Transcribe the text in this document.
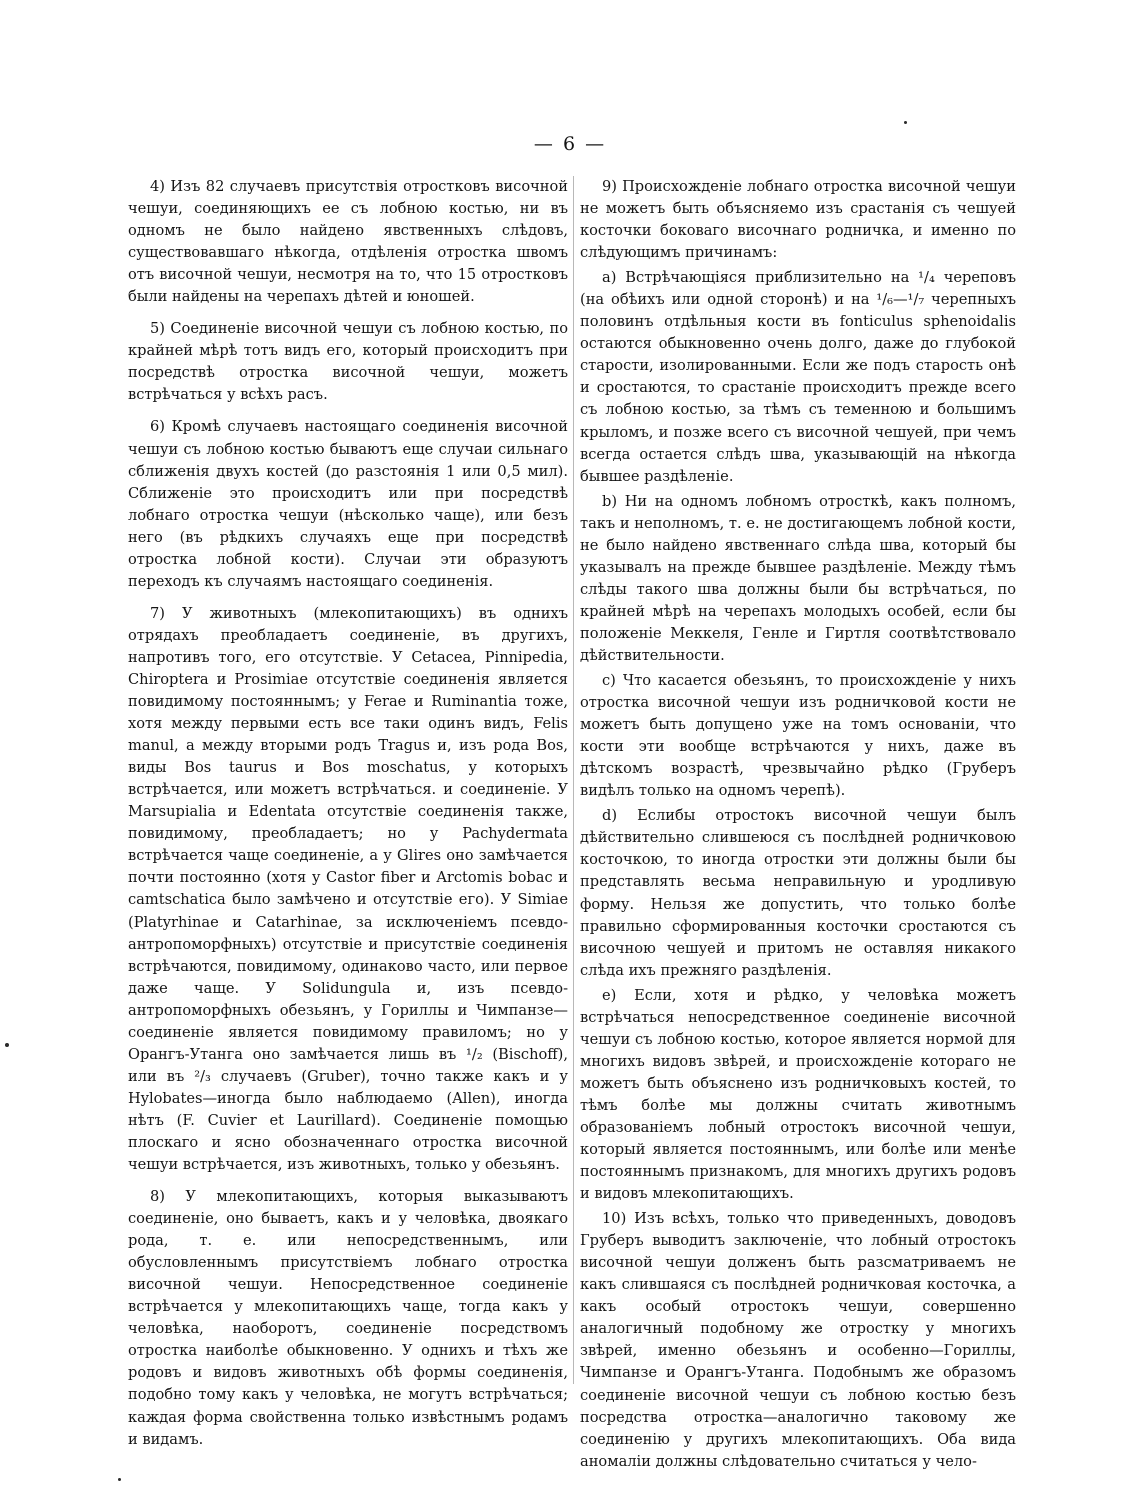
— 6 —

4) Изъ 82 случаевъ присутствія отростковъ височной чешуи, соединяющихъ ее съ лобною костью, ни въ одномъ не было найдено явственныхъ слѣдовъ, существовавшаго нѣкогда, отдѣленія отростка швомъ отъ височной чешуи, несмотря на то, что 15 отростковъ были найдены на черепахъ дѣтей и юношей.

5) Соединеніе височной чешуи съ лобною костью, по крайней мѣрѣ тотъ видъ его, который происходитъ при посредствѣ отростка височной чешуи, можетъ встрѣчаться у всѣхъ расъ.

6) Кромѣ случаевъ настоящаго соединенія височной чешуи съ лобною костью бываютъ еще случаи сильнаго сближенія двухъ костей (до разстоянія 1 или 0,5 мил). Сближеніе это происходитъ или при посредствѣ лобнаго отростка чешуи (нѣсколько чаще), или безъ него (въ рѣдкихъ случаяхъ еще при посредствѣ отростка лобной кости). Случаи эти образуютъ переходъ къ случаямъ настоящаго соединенія.

7) У животныхъ (млекопитающихъ) въ однихъ отрядахъ преобладаетъ соединеніе, въ другихъ, напротивъ того, его отсутствіе. У Cetacea, Pinnipedia, Chiroptera и Prosimiae отсутствіе соединенія является повидимому постояннымъ; у Ferae и Ruminantia тоже, хотя между первыми есть все таки одинъ видъ, Felis manul, а между вторыми родъ Tragus и, изъ рода Bos, виды Bos taurus и Bos moschatus, у которыхъ встрѣчается, или можетъ встрѣчаться. и соединеніе. У Marsupialia и Edentata отсутствіе соединенія также, повидимому, преобладаетъ; но у Pachydermata встрѣчается чаще соединеніе, а у Glires оно замѣчается почти постоянно (хотя у Castor fiber и Arctomis bobac и camtschatica было замѣчено и отсутствіе его). У Simiae (Platyrhinae и Catarhinae, за исключеніемъ псевдо-антропоморфныхъ) отсутствіе и присутствіе соединенія встрѣчаются, повидимому, одинаково часто, или первое даже чаще. У Solidungula и, изъ псевдо-антропоморфныхъ обезьянъ, у Гориллы и Чимпанзе—соединеніе является повидимому правиломъ; но у Орангъ-Утанга оно замѣчается лишь въ ¹/₂ (Bischoff), или въ ²/₃ случаевъ (Gruber), точно также какъ и у Hylobates—иногда было наблюдаемо (Allen), иногда нѣтъ (F. Cuvier et Laurillard). Соединеніе помощью плоскаго и ясно обозначеннаго отростка височной чешуи встрѣчается, изъ животныхъ, только у обезьянъ.

8) У млекопитающихъ, которыя выказываютъ соединеніе, оно бываетъ, какъ и у человѣка, двоякаго рода, т. е. или непосредственнымъ, или обусловленнымъ присутствіемъ лобнаго отростка височной чешуи. Непосредственное соединеніе встрѣчается у млекопитающихъ чаще, тогда какъ у человѣка, наоборотъ, соединеніе посредствомъ отростка наиболѣе обыкновенно. У однихъ и тѣхъ же родовъ и видовъ животныхъ обѣ формы соединенія, подобно тому какъ у человѣка, не могутъ встрѣчаться; каждая форма свойственна только извѣстнымъ родамъ и видамъ.

9) Происхожденіе лобнаго отростка височной чешуи не можетъ быть объясняемо изъ срастанія съ чешуей косточки боковаго височнаго родничка, и именно по слѣдующимъ причинамъ:

a) Встрѣчающіяся приблизительно на ¹/₄ череповъ (на обѣихъ или одной сторонѣ) и на ¹/₆—¹/₇ черепныхъ половинъ отдѣльныя кости въ fonticulus sphenoidalis остаются обыкновенно очень долго, даже до глубокой старости, изолированными. Если же подъ старость онѣ и сростаются, то срастаніе происходитъ прежде всего съ лобною костью, за тѣмъ съ теменною и большимъ крыломъ, и позже всего съ височной чешуей, при чемъ всегда остается слѣдъ шва, указывающій на нѣкогда бывшее раздѣленіе.

b) Ни на одномъ лобномъ отросткѣ, какъ полномъ, такъ и неполномъ, т. е. не достигающемъ лобной кости, не было найдено явственнаго слѣда шва, который бы указывалъ на прежде бывшее раздѣленіе. Между тѣмъ слѣды такого шва должны были бы встрѣчаться, по крайней мѣрѣ на черепахъ молодыхъ особей, если бы положеніе Меккеля, Генле и Гиртля соотвѣтствовало дѣйствительности.

c) Что касается обезьянъ, то происхожденіе у нихъ отростка височной чешуи изъ родничковой кости не можетъ быть допущено уже на томъ основаніи, что кости эти вообще встрѣчаются у нихъ, даже въ дѣтскомъ возрастѣ, чрезвычайно рѣдко (Груберъ видѣлъ только на одномъ черепѣ).

d) Еслибы отростокъ височной чешуи былъ дѣйствительно слившеюся съ послѣдней родничковою косточкою, то иногда отростки эти должны были бы представлять весьма неправильную и уродливую форму. Нельзя же допустить, что только болѣе правильно сформированныя косточки сростаются съ височною чешуей и притомъ не оставляя никакого слѣда ихъ прежняго раздѣленія.

e) Если, хотя и рѣдко, у человѣка можетъ встрѣчаться непосредственное соединеніе височной чешуи съ лобною костью, которое является нормой для многихъ видовъ звѣрей, и происхожденіе котораго не можетъ быть объяснено изъ родничковыхъ костей, то тѣмъ болѣе мы должны считать животнымъ образованіемъ лобный отростокъ височной чешуи, который является постояннымъ, или болѣе или менѣе постояннымъ признакомъ, для многихъ другихъ родовъ и видовъ млекопитающихъ.

10) Изъ всѣхъ, только что приведенныхъ, доводовъ Груберъ выводитъ заключеніе, что лобный отростокъ височной чешуи долженъ быть разсматриваемъ не какъ слившаяся съ послѣдней родничковая косточка, а какъ особый отростокъ чешуи, совершенно аналогичный подобному же отростку у многихъ звѣрей, именно обезьянъ и особенно—Гориллы, Чимпанзе и Орангъ-Утанга. Подобнымъ же образомъ соединеніе височной чешуи съ лобною костью безъ посредства отростка—аналогично таковому же соединенію у другихъ млекопитающихъ. Оба вида аномаліи должны слѣдовательно считаться у чело-
